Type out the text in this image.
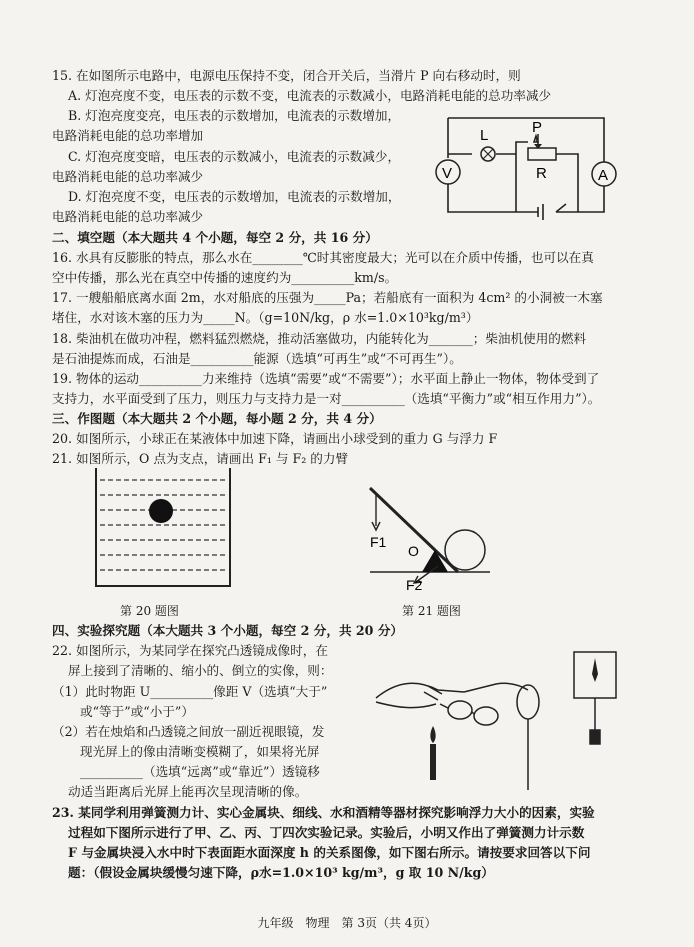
15. 在如图所示电路中，电源电压保持不变，闭合开关后，当滑片 P 向右移动时，则
A. 灯泡亮度不变，电压表的示数不变，电流表的示数减小，电路消耗电能的总功率减少
B. 灯泡亮度变亮，电压表的示数增加，电流表的示数增加，
电路消耗电能的总功率增加
C. 灯泡亮度变暗，电压表的示数减小，电流表的示数减少，
电路消耗电能的总功率减少
D. 灯泡亮度不变，电压表的示数增加，电流表的示数增加，
电路消耗电能的总功率减少
L	P
R
V	A
二、填空题（本大题共 4 个小题，每空 2 分，共 16 分）
16. 水具有反膨胀的特点，那么水在________℃时其密度最大；光可以在介质中传播，也可以在真
空中传播，那么光在真空中传播的速度约为__________km/s。
17. 一艘船船底离水面 2m，水对船底的压强为_____Pa；若船底有一面积为 4cm² 的小洞被一木塞
堵住，水对该木塞的压力为_____N。（g=10N/kg，ρ 水=1.0×10³kg/m³）
18. 柴油机在做功冲程，燃料猛烈燃烧，推动活塞做功，内能转化为_______；柴油机使用的燃料
是石油提炼而成，石油是__________能源（选填“可再生”或“不可再生”）。
19. 物体的运动__________力来维持（选填“需要”或“不需要”）；水平面上静止一物体，物体受到了
支持力，水平面受到了压力，则压力与支持力是一对__________（选填“平衡力”或“相互作用力”）。
三、作图题（本大题共 2 个小题，每小题 2 分，共 4 分）
20. 如图所示，小球正在某液体中加速下降，请画出小球受到的重力 G 与浮力 F
21. 如图所示，O 点为支点，请画出 F₁ 与 F₂ 的力臂
第 20 题图
F1
O
F2
第 21 题图
四、实验探究题（本大题共 3 个小题，每空 2 分，共 20 分）
22. 如图所示，为某同学在探究凸透镜成像时，在
屏上接到了清晰的、缩小的、倒立的实像，则：
（1）此时物距 U__________像距 V（选填“大于”
或“等于”或“小于”）
（2）若在烛焰和凸透镜之间放一副近视眼镜，发
现光屏上的像由清晰变模糊了，如果将光屏
__________（选填“远离”或“靠近”）透镜移
动适当距离后光屏上能再次呈现清晰的像。
23. 某同学利用弹簧测力计、实心金属块、细线、水和酒精等器材探究影响浮力大小的因素，实验
过程如下图所示进行了甲、乙、丙、丁四次实验记录。实验后，小明又作出了弹簧测力计示数
F 与金属块浸入水中时下表面距水面深度 h 的关系图像，如下图右所示。请按要求回答以下问
题：（假设金属块缓慢匀速下降，ρ水=1.0×10³ kg/m³，g 取 10 N/kg）
九年级　物理　第 3页（共 4页）
